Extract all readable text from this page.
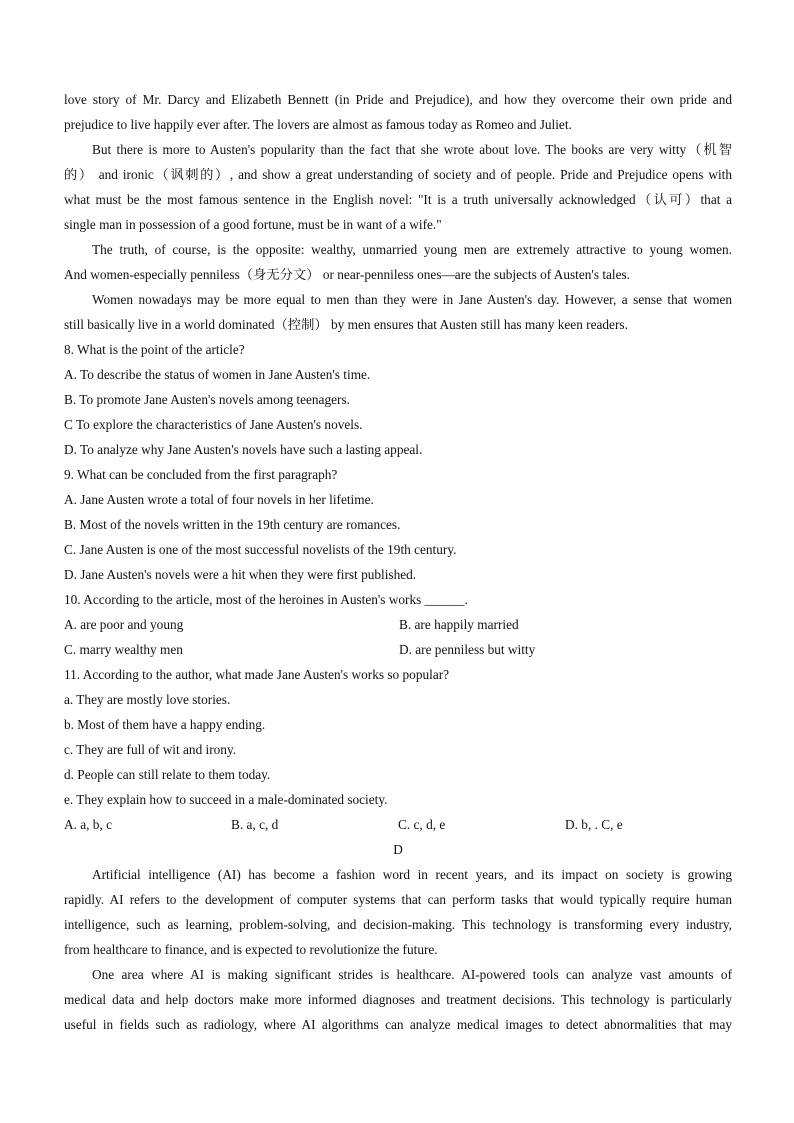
love story of Mr. Darcy and Elizabeth Bennett (in Pride and Prejudice), and how they overcome their own pride and
prejudice to live happily ever after. The lovers are almost as famous today as Romeo and Juliet.
But there is more to Austen's popularity than the fact that she wrote about love. The books are very witty（机智
的） and ironic（讽刺的）, and show a great understanding of society and of people. Pride and Prejudice opens with
what must be the most famous sentence in the English novel: "It is a truth universally acknowledged（认可）that a
single man in possession of a good fortune, must be in want of a wife."
The truth, of course, is the opposite: wealthy, unmarried young men are extremely attractive to young women.
And women-especially penniless（身无分文） or near-penniless ones—are the subjects of Austen's tales.
Women nowadays may be more equal to men than they were in Jane Austen's day. However, a sense that women
still basically live in a world dominated（控制） by men ensures that Austen still has many keen readers.
8. What is the point of the article?
A. To describe the status of women in Jane Austen's time.
B. To promote Jane Austen's novels among teenagers.
C To explore the characteristics of Jane Austen's novels.
D. To analyze why Jane Austen's novels have such a lasting appeal.
9. What can be concluded from the first paragraph?
A. Jane Austen wrote a total of four novels in her lifetime.
B. Most of the novels written in the 19th century are romances.
C. Jane Austen is one of the most successful novelists of the 19th century.
D. Jane Austen's novels were a hit when they were first published.
10. According to the article, most of the heroines in Austen's works ______.
A. are poor and young	B. are happily married
C. marry wealthy men	D. are penniless but witty
11. According to the author, what made Jane Austen's works so popular?
a. They are mostly love stories.
b. Most of them have a happy ending.
c. They are full of wit and irony.
d. People can still relate to them today.
e. They explain how to succeed in a male-dominated society.
A. a, b, c	B. a, c, d	C. c, d, e	D. b, . C, e
D
Artificial intelligence (AI) has become a fashion word in recent years, and its impact on society is growing
rapidly. AI refers to the development of computer systems that can perform tasks that would typically require human
intelligence, such as learning, problem-solving, and decision-making. This technology is transforming every industry,
from healthcare to finance, and is expected to revolutionize the future.
One area where AI is making significant strides is healthcare. AI-powered tools can analyze vast amounts of
medical data and help doctors make more informed diagnoses and treatment decisions. This technology is particularly
useful in fields such as radiology, where AI algorithms can analyze medical images to detect abnormalities that may
